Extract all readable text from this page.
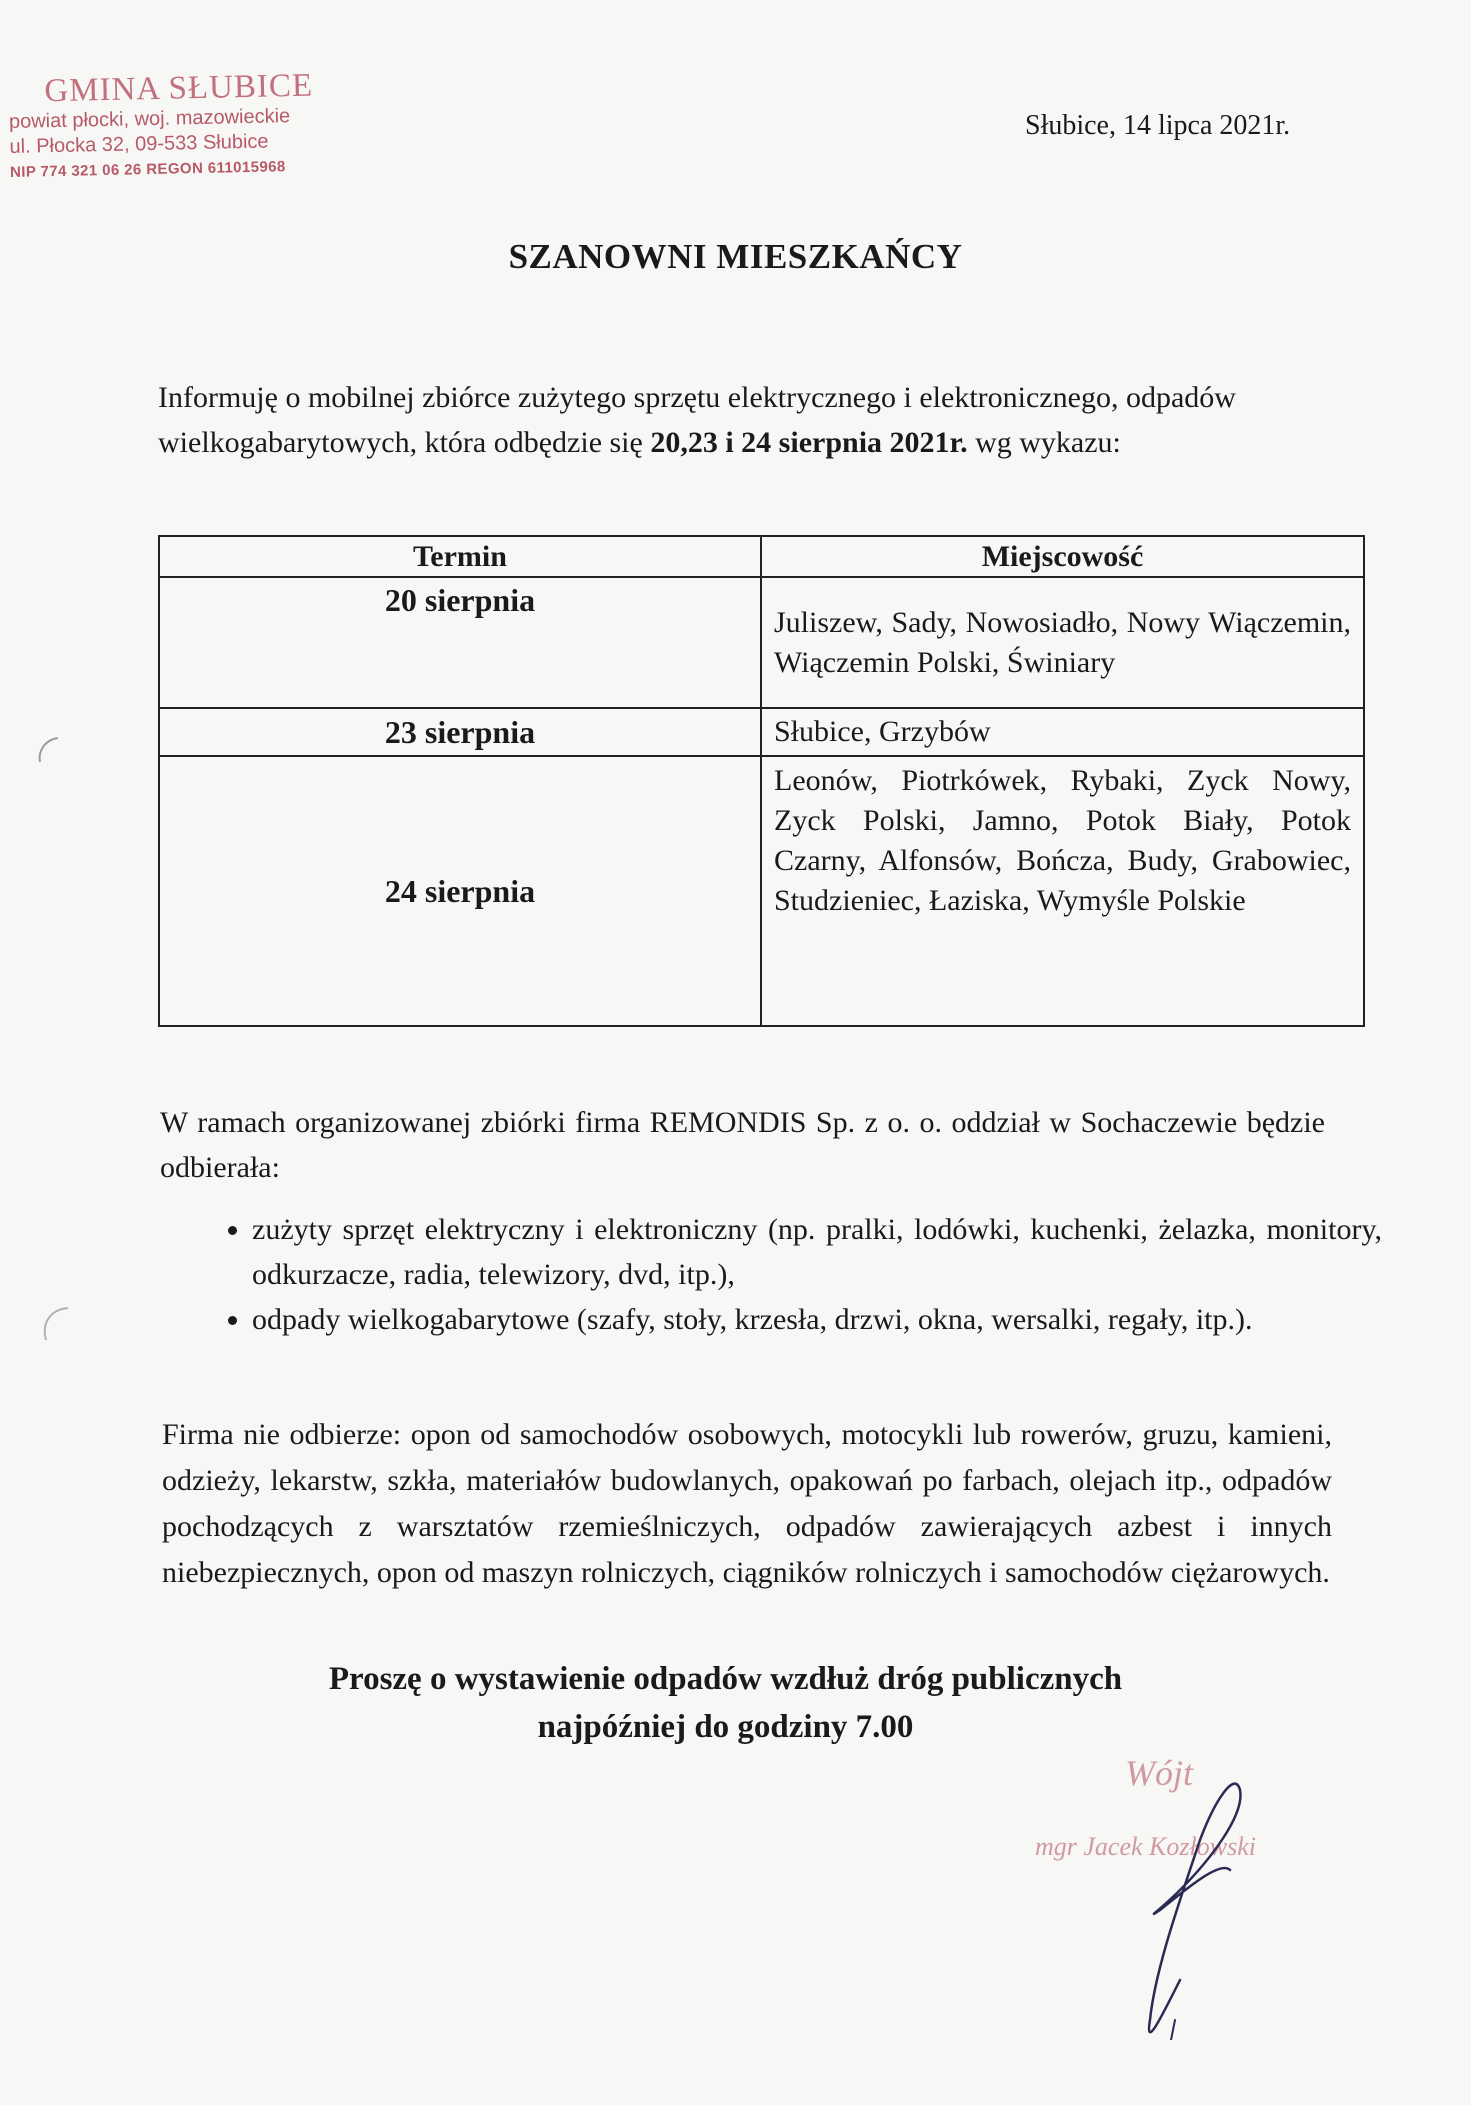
GMINA SŁUBICE
powiat płocki, woj. mazowieckie
ul. Płocka 32, 09-533 Słubice
NIP 774 321 06 26 REGON 611015968
Słubice, 14 lipca 2021r.
SZANOWNI MIESZKAŃCY
Informuję o mobilnej zbiórce zużytego sprzętu elektrycznego i elektronicznego, odpadów wielkogabarytowych, która odbędzie się 20,23 i 24 sierpnia 2021r. wg wykazu:
Termin	Miejscowość
20 sierpnia	Juliszew, Sady, Nowosiadło, Nowy Wiączemin, Wiączemin Polski, Świniary
23 sierpnia	Słubice, Grzybów
24 sierpnia	Leonów, Piotrkówek, Rybaki, Zyck Nowy, Zyck Polski, Jamno, Potok Biały, Potok Czarny, Alfonsów, Bończa, Budy, Grabowiec, Studzieniec, Łaziska, Wymyśle Polskie
W ramach organizowanej zbiórki firma REMONDIS Sp. z o. o. oddział w Sochaczewie będzie odbierała:
• zużyty sprzęt elektryczny i elektroniczny (np. pralki, lodówki, kuchenki, żelazka, monitory, odkurzacze, radia, telewizory, dvd, itp.),
• odpady wielkogabarytowe (szafy, stoły, krzesła, drzwi, okna, wersalki, regały, itp.).
Firma nie odbierze: opon od samochodów osobowych, motocykli lub rowerów, gruzu, kamieni, odzieży, lekarstw, szkła, materiałów budowlanych, opakowań po farbach, olejach itp., odpadów pochodzących z warsztatów rzemieślniczych, odpadów zawierających azbest i innych niebezpiecznych, opon od maszyn rolniczych, ciągników rolniczych i samochodów ciężarowych.
Proszę o wystawienie odpadów wzdłuż dróg publicznych
najpóźniej do godziny 7.00
Wójt
mgr Jacek Kozłowski
